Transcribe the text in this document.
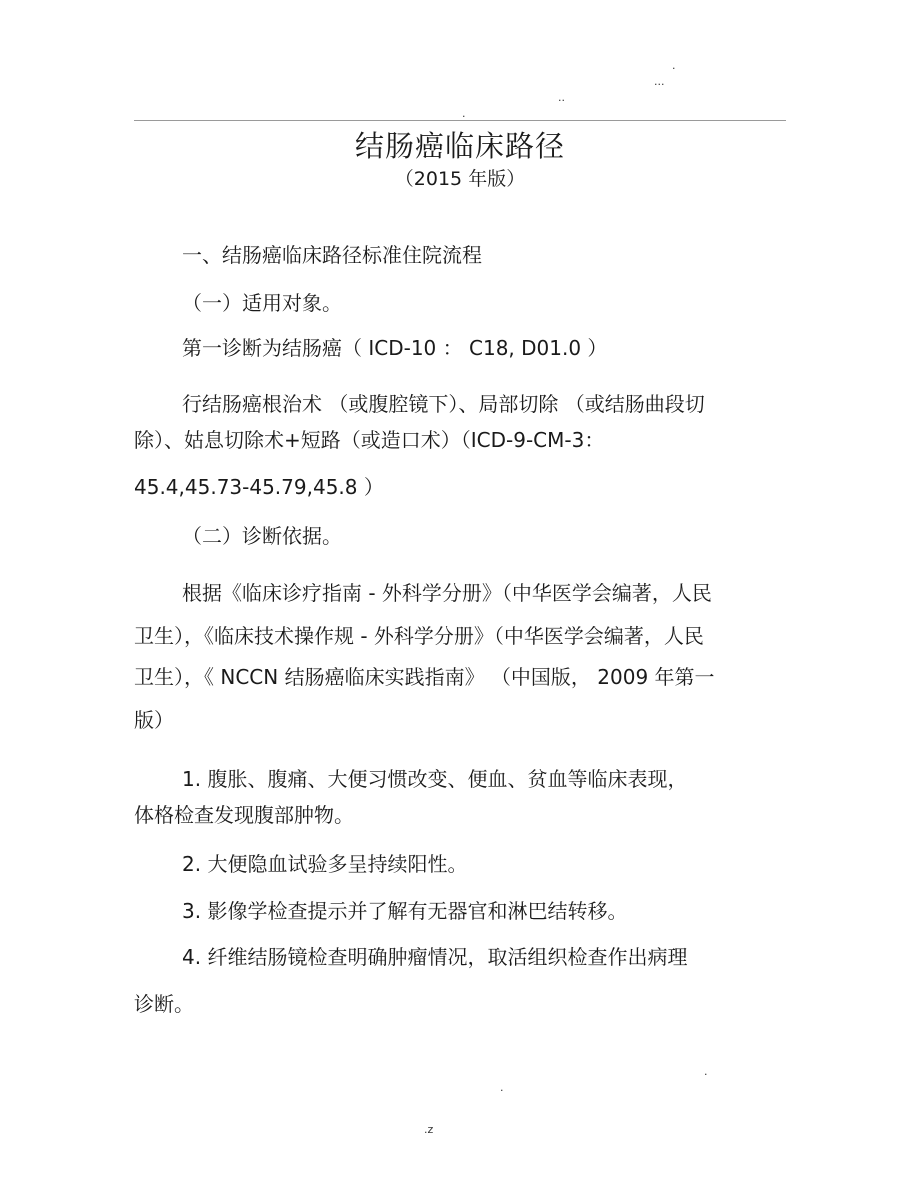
.
...
..
.
结肠癌临床路径
（2015 年版）
一、结肠癌临床路径标准住院流程
（一）适用对象。
第一诊断为结肠癌（ ICD-10 ： C18, D01.0 ）
行结肠癌根治术 （或腹腔镜下）、局部切除 （或结肠曲段切
除）、姑息切除术+短路（或造口术）（ICD-9-CM-3：
45.4,45.73-45.79,45.8 ）
（二）诊断依据。
根据《临床诊疗指南 - 外科学分册》（中华医学会编著，人民
卫生），《临床技术操作规 - 外科学分册》（中华医学会编著，人民
卫生），《 NCCN 结肠癌临床实践指南》 （中国版， 2009 年第一
版）
1. 腹胀、腹痛、大便习惯改变、便血、贫血等临床表现，
体格检查发现腹部肿物。
2. 大便隐血试验多呈持续阳性。
3. 影像学检查提示并了解有无器官和淋巴结转移。
4. 纤维结肠镜检查明确肿瘤情况，取活组织检查作出病理
诊断。
.
.
.z
